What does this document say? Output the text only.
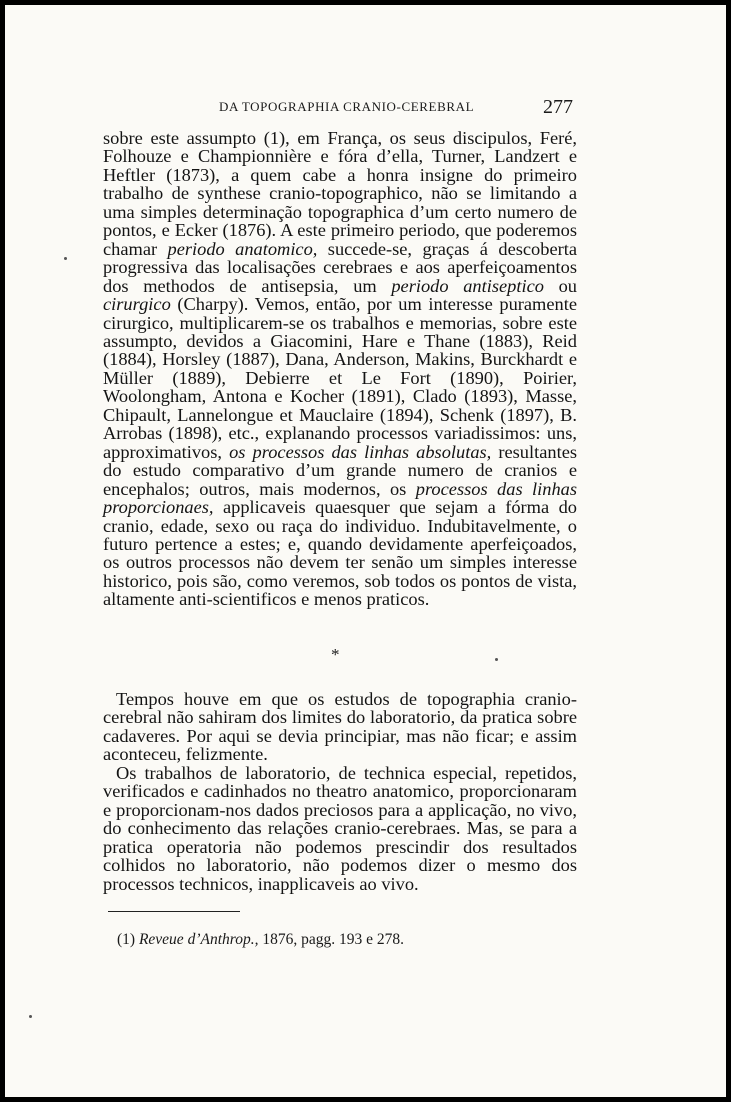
DA TOPOGRAPHIA CRANIO-CEREBRAL	277

sobre este assumpto (1), em França, os seus discipulos, Feré, Folhouze e Championnière e fóra d’ella, Turner, Landzert e Heftler (1873), a quem cabe a honra insigne do primeiro trabalho de synthese cranio-topographico, não se limitando a uma simples determinação topographica d’um certo numero de pontos, e Ecker (1876). A este primeiro periodo, que poderemos chamar periodo anatomico, succede-se, graças á descoberta progressiva das localisações cerebraes e aos aperfeiçoamentos dos methodos de antisepsia, um periodo antiseptico ou cirurgico (Charpy). Vemos, então, por um interesse puramente cirurgico, multiplicarem-se os trabalhos e memorias, sobre este assumpto, devidos a Giacomini, Hare e Thane (1883), Reid (1884), Horsley (1887), Dana, Anderson, Makins, Burckhardt e Müller (1889), Debierre et Le Fort (1890), Poirier, Woolongham, Antona e Kocher (1891), Clado (1893), Masse, Chipault, Lannelongue et Mauclaire (1894), Schenk (1897), B. Arrobas (1898), etc., explanando processos variadissimos: uns, approximativos, os processos das linhas absolutas, resultantes do estudo comparativo d’um grande numero de cranios e encephalos; outros, mais modernos, os processos das linhas proporcionaes, applicaveis quaesquer que sejam a fórma do cranio, edade, sexo ou raça do individuo. Indubitavelmente, o futuro pertence a estes; e, quando devidamente aperfeiçoados, os outros processos não devem ter senão um simples interesse historico, pois são, como veremos, sob todos os pontos de vista, altamente anti-scientificos e menos praticos.

*

Tempos houve em que os estudos de topographia cranio-cerebral não sahiram dos limites do laboratorio, da pratica sobre cadaveres. Por aqui se devia principiar, mas não ficar; e assim aconteceu, felizmente.

Os trabalhos de laboratorio, de technica especial, repetidos, verificados e cadinhados no theatro anatomico, proporcionaram e proporcionam-nos dados preciosos para a applicação, no vivo, do conhecimento das relações cranio-cerebraes. Mas, se para a pratica operatoria não podemos prescindir dos resultados colhidos no laboratorio, não podemos dizer o mesmo dos processos technicos, inapplicaveis ao vivo.

(1) Reveue d’Anthrop., 1876, pagg. 193 e 278.
